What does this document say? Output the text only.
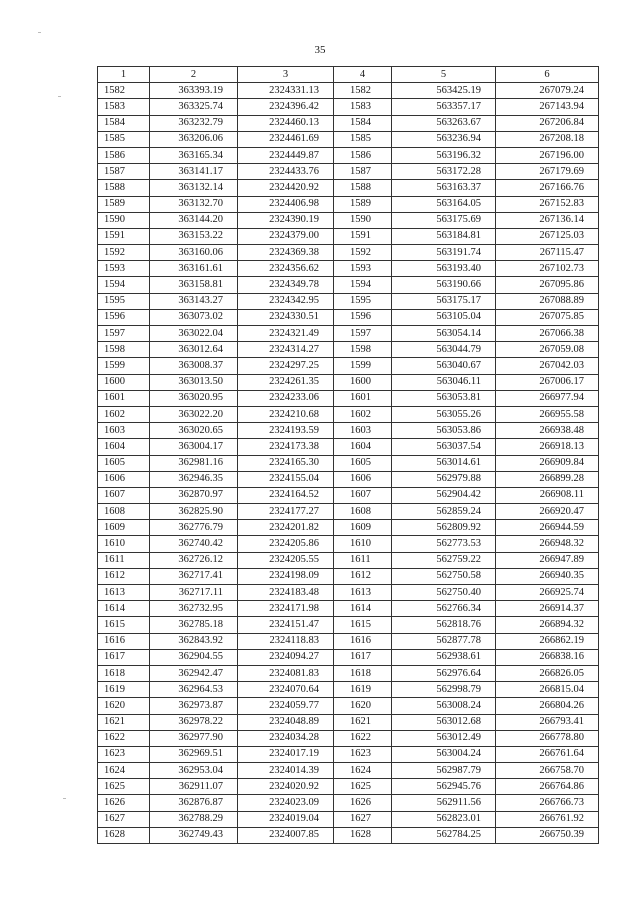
35
1	2	3	4	5	6
1582	363393.19	2324331.13	1582	563425.19	267079.24
1583	363325.74	2324396.42	1583	563357.17	267143.94
1584	363232.79	2324460.13	1584	563263.67	267206.84
1585	363206.06	2324461.69	1585	563236.94	267208.18
1586	363165.34	2324449.87	1586	563196.32	267196.00
1587	363141.17	2324433.76	1587	563172.28	267179.69
1588	363132.14	2324420.92	1588	563163.37	267166.76
1589	363132.70	2324406.98	1589	563164.05	267152.83
1590	363144.20	2324390.19	1590	563175.69	267136.14
1591	363153.22	2324379.00	1591	563184.81	267125.03
1592	363160.06	2324369.38	1592	563191.74	267115.47
1593	363161.61	2324356.62	1593	563193.40	267102.73
1594	363158.81	2324349.78	1594	563190.66	267095.86
1595	363143.27	2324342.95	1595	563175.17	267088.89
1596	363073.02	2324330.51	1596	563105.04	267075.85
1597	363022.04	2324321.49	1597	563054.14	267066.38
1598	363012.64	2324314.27	1598	563044.79	267059.08
1599	363008.37	2324297.25	1599	563040.67	267042.03
1600	363013.50	2324261.35	1600	563046.11	267006.17
1601	363020.95	2324233.06	1601	563053.81	266977.94
1602	363022.20	2324210.68	1602	563055.26	266955.58
1603	363020.65	2324193.59	1603	563053.86	266938.48
1604	363004.17	2324173.38	1604	563037.54	266918.13
1605	362981.16	2324165.30	1605	563014.61	266909.84
1606	362946.35	2324155.04	1606	562979.88	266899.28
1607	362870.97	2324164.52	1607	562904.42	266908.11
1608	362825.90	2324177.27	1608	562859.24	266920.47
1609	362776.79	2324201.82	1609	562809.92	266944.59
1610	362740.42	2324205.86	1610	562773.53	266948.32
1611	362726.12	2324205.55	1611	562759.22	266947.89
1612	362717.41	2324198.09	1612	562750.58	266940.35
1613	362717.11	2324183.48	1613	562750.40	266925.74
1614	362732.95	2324171.98	1614	562766.34	266914.37
1615	362785.18	2324151.47	1615	562818.76	266894.32
1616	362843.92	2324118.83	1616	562877.78	266862.19
1617	362904.55	2324094.27	1617	562938.61	266838.16
1618	362942.47	2324081.83	1618	562976.64	266826.05
1619	362964.53	2324070.64	1619	562998.79	266815.04
1620	362973.87	2324059.77	1620	563008.24	266804.26
1621	362978.22	2324048.89	1621	563012.68	266793.41
1622	362977.90	2324034.28	1622	563012.49	266778.80
1623	362969.51	2324017.19	1623	563004.24	266761.64
1624	362953.04	2324014.39	1624	562987.79	266758.70
1625	362911.07	2324020.92	1625	562945.76	266764.86
1626	362876.87	2324023.09	1626	562911.56	266766.73
1627	362788.29	2324019.04	1627	562823.01	266761.92
1628	362749.43	2324007.85	1628	562784.25	266750.39
